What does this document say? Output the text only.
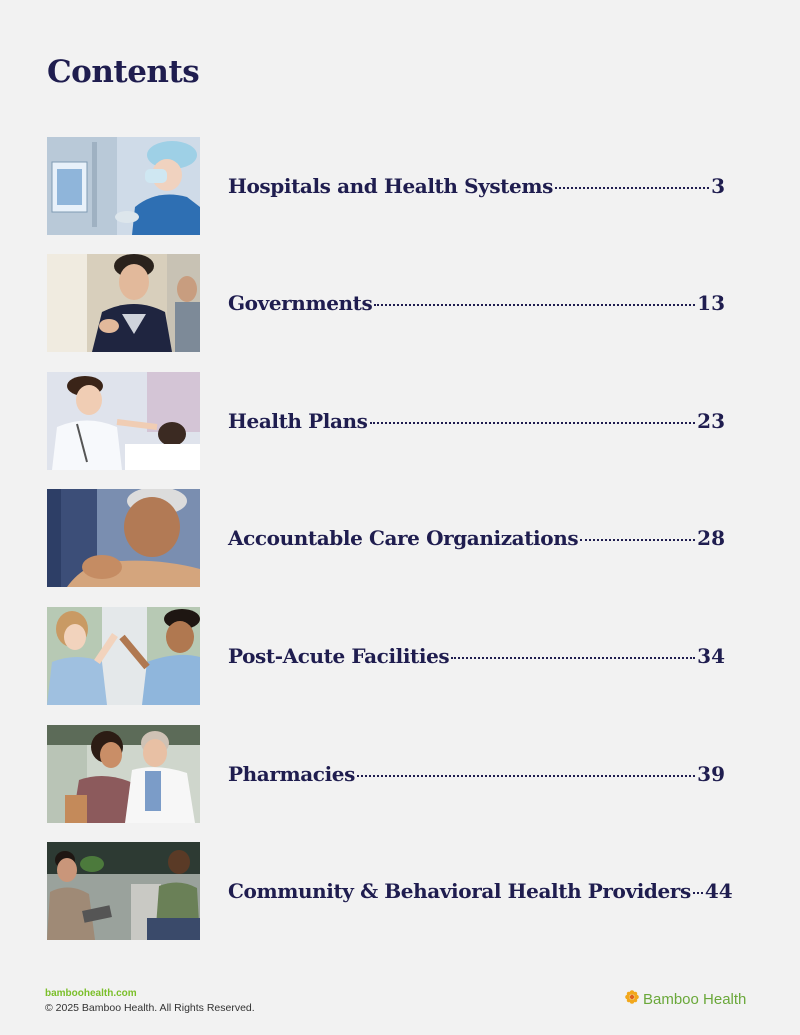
Contents
Hospitals and Health Systems	3
Governments	13
Health Plans	23
Accountable Care Organizations	28
Post-Acute Facilities	34
Pharmacies	39
Community & Behavioral Health Providers 44
bamboohealth.com
© 2025 Bamboo Health. All Rights Reserved.
Bamboo Health
